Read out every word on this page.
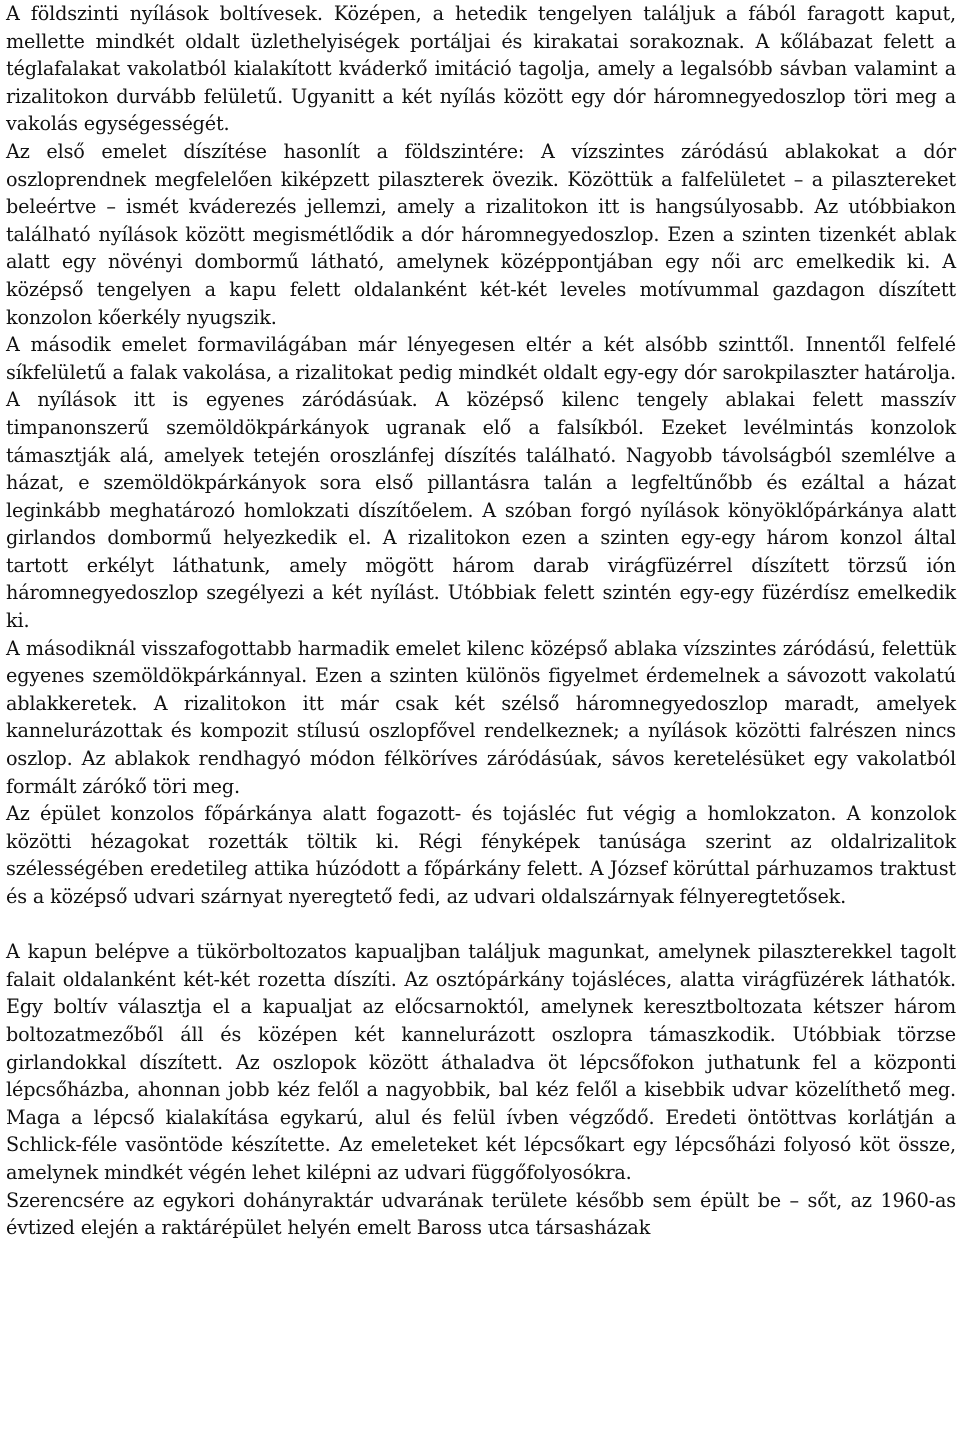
A földszinti nyílások boltívesek. Középen, a hetedik tengelyen találjuk a fából faragott kaput, mellette mindkét oldalt üzlethelyiségek portáljai és kirakatai sorakoznak. A kőlábazat felett a téglafalakat vakolatból kialakított kváderkő imitáció tagolja, amely a legalsóbb sávban valamint a rizalitokon durvább felületű. Ugyanitt a két nyílás között egy dór háromnegyedoszlop töri meg a vakolás egységességét.

Az első emelet díszítése hasonlít a földszintére: A vízszintes záródású ablakokat a dór oszloprendnek megfelelően kiképzett pilaszterek övezik. Közöttük a falfelületet – a pilasztereket beleértve – ismét kváderezés jellemzi, amely a rizalitokon itt is hangsúlyosabb. Az utóbbiakon található nyílások között megismétlődik a dór háromnegyedoszlop. Ezen a szinten tizenkét ablak alatt egy növényi dombormű látható, amelynek középpontjában egy női arc emelkedik ki. A középső tengelyen a kapu felett oldalanként két-két leveles motívummal gazdagon díszített konzolon kőerkély nyugszik.

A második emelet formavilágában már lényegesen eltér a két alsóbb szinttől. Innentől felfelé síkfelületű a falak vakolása, a rizalitokat pedig mindkét oldalt egy-egy dór sarokpilaszter határolja. A nyílások itt is egyenes záródásúak. A középső kilenc tengely ablakai felett masszív timpanonszerű szemöldökpárkányok ugranak elő a falsíkból. Ezeket levélmintás konzolok támasztják alá, amelyek tetején oroszlánfej díszítés található. Nagyobb távolságból szemlélve a házat, e szemöldökpárkányok sora első pillantásra talán a legfeltűnőbb és ezáltal a házat leginkább meghatározó homlokzati díszítőelem. A szóban forgó nyílások könyöklőpárkánya alatt girlandos dombormű helyezkedik el. A rizalitokon ezen a szinten egy-egy három konzol által tartott erkélyt láthatunk, amely mögött három darab virágfüzérrel díszített törzsű ión háromnegyedoszlop szegélyezi a két nyílást. Utóbbiak felett szintén egy-egy füzérdísz emelkedik ki.

A másodiknál visszafogottabb harmadik emelet kilenc középső ablaka vízszintes záródású, felettük egyenes szemöldökpárkánnyal. Ezen a szinten különös figyelmet érdemelnek a sávozott vakolatú ablakkeretek. A rizalitokon itt már csak két szélső háromnegyedoszlop maradt, amelyek kannelurázottak és kompozit stílusú oszlopfővel rendelkeznek; a nyílások közötti falrészen nincs oszlop. Az ablakok rendhagyó módon félköríves záródásúak, sávos keretelésüket egy vakolatból formált zárókő töri meg.

Az épület konzolos főpárkánya alatt fogazott- és tojásléc fut végig a homlokzaton. A konzolok közötti hézagokat rozetták töltik ki. Régi fényképek tanúsága szerint az oldalrizalitok szélességében eredetileg attika húzódott a főpárkány felett. A József körúttal párhuzamos traktust és a középső udvari szárnyat nyeregtető fedi, az udvari oldalszárnyak félnyeregtetősek.

A kapun belépve a tükörboltozatos kapualjban találjuk magunkat, amelynek pilaszterekkel tagolt falait oldalanként két-két rozetta díszíti. Az osztópárkány tojásléces, alatta virágfüzérek láthatók. Egy boltív választja el a kapualjat az előcsarnoktól, amelynek keresztboltozata kétszer három boltozatmezőből áll és középen két kannelurázott oszlopra támaszkodik. Utóbbiak törzse girlandokkal díszített. Az oszlopok között áthaladva öt lépcsőfokon juthatunk fel a központi lépcsőházba, ahonnan jobb kéz felől a nagyobbik, bal kéz felől a kisebbik udvar közelíthető meg. Maga a lépcső kialakítása egykarú, alul és felül ívben végződő. Eredeti öntöttvas korlátján a Schlick-féle vasöntöde készítette. Az emeleteket két lépcsőkart egy lépcsőházi folyosó köt össze, amelynek mindkét végén lehet kilépni az udvari függőfolyosókra.

Szerencsére az egykori dohányraktár udvarának területe később sem épült be – sőt, az 1960-as évtized elején a raktárépület helyén emelt Baross utca társasházak
